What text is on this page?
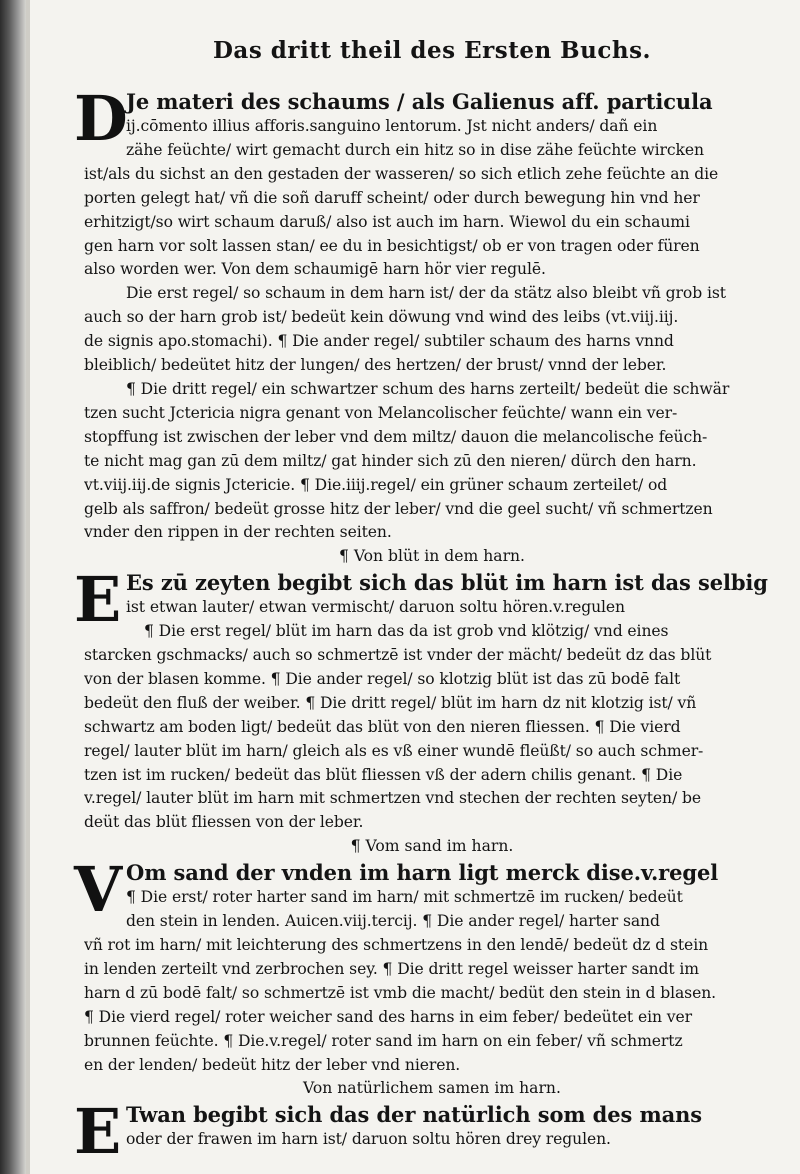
Das dritt theil des Ersten Buchs.
D
Je materi des schaums / als Galienus aff. particula
ij.cōmento illius afforis.sanguino lentorum. Jst nicht anders/ dañ ein
zähe feüchte/ wirt gemacht durch ein hitz so in dise zähe feüchte wircken
ist/als du sichst an den gestaden der wasseren/ so sich etlich zehe feüchte an die
porten gelegt hat/ vñ die soñ daruff scheint/ oder durch bewegung hin vnd her
erhitzigt/so wirt schaum daruß/ also ist auch im harn. Wiewol du ein schaumi
gen harn vor solt lassen stan/ ee du in besichtigst/ ob er von tragen oder füren
also worden wer. Von dem schaumigē harn hör vier regulē.
Die erst regel/ so schaum in dem harn ist/ der da stätz also bleibt vñ grob ist
auch so der harn grob ist/ bedeüt kein döwung vnd wind des leibs (vt.viij.iij.
de signis apo.stomachi). ¶ Die ander regel/ subtiler schaum des harns vnnd
bleiblich/ bedeütet hitz der lungen/ des hertzen/ der brust/ vnnd der leber.
¶ Die dritt regel/ ein schwartzer schum des harns zerteilt/ bedeüt die schwär
tzen sucht Jctericia nigra genant von Melancolischer feüchte/ wann ein ver-
stopffung ist zwischen der leber vnd dem miltz/ dauon die melancolische feüch-
te nicht mag gan zū dem miltz/ gat hinder sich zū den nieren/ dürch den harn.
vt.viij.iij.de signis Jctericie. ¶ Die.iiij.regel/ ein grüner schaum zerteilet/ od
gelb als saffron/ bedeüt grosse hitz der leber/ vnd die geel sucht/ vñ schmertzen
vnder den rippen in der rechten seiten.
¶ Von blüt in dem harn.
E Es zū zeyten begibt sich das blüt im harn ist das selbig
ist etwan lauter/ etwan vermischt/ daruon soltu hören.v.regulen
¶ Die erst regel/ blüt im harn das da ist grob vnd klötzig/ vnd eines
starcken gschmacks/ auch so schmertzē ist vnder der mächt/ bedeüt dz das blüt
von der blasen komme. ¶ Die ander regel/ so klotzig blüt ist das zū bodē falt
bedeüt den fluß der weiber. ¶ Die dritt regel/ blüt im harn dz nit klotzig ist/ vñ
schwartz am boden ligt/ bedeüt das blüt von den nieren fliessen. ¶ Die vierd
regel/ lauter blüt im harn/ gleich als es vß einer wundē fleüßt/ so auch schmer-
tzen ist im rucken/ bedeüt das blüt fliessen vß der adern chilis genant. ¶ Die
v.regel/ lauter blüt im harn mit schmertzen vnd stechen der rechten seyten/ be
deüt das blüt fliessen von der leber.
¶ Vom sand im harn.
V Om sand der vnden im harn ligt merck dise.v.regel
¶ Die erst/ roter harter sand im harn/ mit schmertzē im rucken/ bedeüt
den stein in lenden. Auicen.viij.tercij. ¶ Die ander regel/ harter sand
vñ rot im harn/ mit leichterung des schmertzens in den lendē/ bedeüt dz d stein
in lenden zerteilt vnd zerbrochen sey. ¶ Die dritt regel weisser harter sandt im
harn d zū bodē falt/ so schmertzē ist vmb die macht/ bedüt den stein in d blasen.
¶ Die vierd regel/ roter weicher sand des harns in eim feber/ bedeütet ein ver
brunnen feüchte. ¶ Die.v.regel/ roter sand im harn on ein feber/ vñ schmertz
en der lenden/ bedeüt hitz der leber vnd nieren.
Von natürlichem samen im harn.
E Twan begibt sich das der natürlich som des mans
oder der frawen im harn ist/ daruon soltu hören drey regulen.
